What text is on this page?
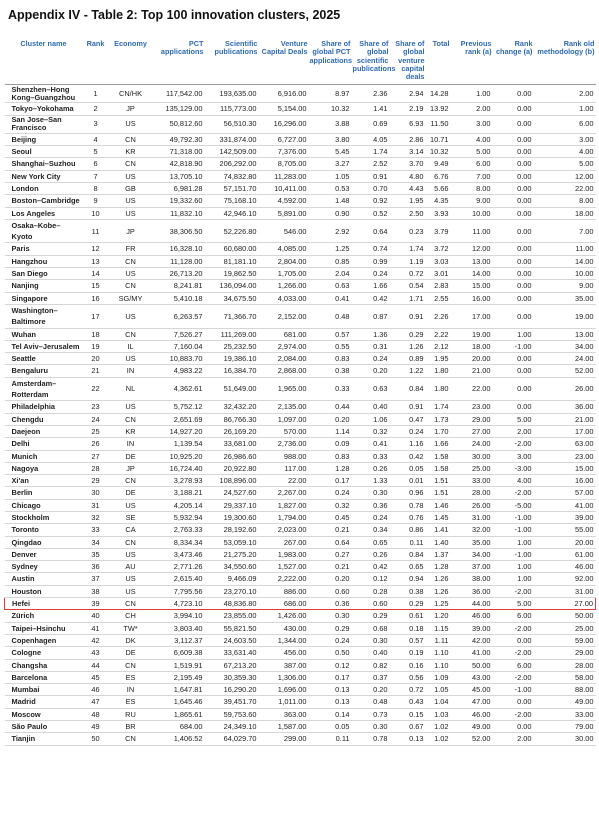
Appendix IV - Table 2: Top 100 innovation clusters, 2025
Cluster name	Rank	Economy	PCT applications	Scientific publications	Venture Capital Deals	Share of global PCT applications	Share of global scientific publications	Share of global venture capital deals	Total	Previous rank (a)	Rank change (a)	Rank old methodology (b)
Shenzhen–Hong Kong–Guangzhou	1	CN/HK	117,542.00	193,635.00	6,916.00	8.97	2.36	2.94	14.28	1.00	0.00	2.00
Tokyo–Yokohama	2	JP	135,129.00	115,773.00	5,154.00	10.32	1.41	2.19	13.92	2.00	0.00	1.00
San Jose–San Francisco	3	US	50,812.60	56,510.30	16,296.00	3.88	0.69	6.93	11.50	3.00	0.00	6.00
Beijing	4	CN	49,792.30	331,874.00	6,727.00	3.80	4.05	2.86	10.71	4.00	0.00	3.00
Seoul	5	KR	71,318.00	142,509.00	7,376.00	5.45	1.74	3.14	10.32	5.00	0.00	4.00
Shanghai–Suzhou	6	CN	42,818.90	206,292.00	8,705.00	3.27	2.52	3.70	9.49	6.00	0.00	5.00
New York City	7	US	13,705.10	74,832.80	11,283.00	1.05	0.91	4.80	6.76	7.00	0.00	12.00
London	8	GB	6,981.28	57,151.70	10,411.00	0.53	0.70	4.43	5.66	8.00	0.00	22.00
Boston–Cambridge	9	US	19,332.60	75,168.10	4,592.00	1.48	0.92	1.95	4.35	9.00	0.00	8.00
Los Angeles	10	US	11,832.10	42,946.10	5,891.00	0.90	0.52	2.50	3.93	10.00	0.00	18.00
Osaka–Kobe–Kyoto	11	JP	38,306.50	52,226.80	546.00	2.92	0.64	0.23	3.79	11.00	0.00	7.00
Paris	12	FR	16,328.10	60,680.00	4,085.00	1.25	0.74	1.74	3.72	12.00	0.00	11.00
Hangzhou	13	CN	11,128.00	81,181.10	2,804.00	0.85	0.99	1.19	3.03	13.00	0.00	14.00
San Diego	14	US	26,713.20	19,862.50	1,705.00	2.04	0.24	0.72	3.01	14.00	0.00	10.00
Nanjing	15	CN	8,241.81	136,094.00	1,266.00	0.63	1.66	0.54	2.83	15.00	0.00	9.00
Singapore	16	SG/MY	5,410.18	34,675.50	4,033.00	0.41	0.42	1.71	2.55	16.00	0.00	35.00
Washington–Baltimore	17	US	6,263.57	71,366.70	2,152.00	0.48	0.87	0.91	2.26	17.00	0.00	19.00
Wuhan	18	CN	7,526.27	111,269.00	681.00	0.57	1.36	0.29	2.22	19.00	1.00	13.00
Tel Aviv–Jerusalem	19	IL	7,160.04	25,232.50	2,974.00	0.55	0.31	1.26	2.12	18.00	-1.00	34.00
Seattle	20	US	10,883.70	19,386.10	2,084.00	0.83	0.24	0.89	1.95	20.00	0.00	24.00
Bengaluru	21	IN	4,983.22	16,384.70	2,868.00	0.38	0.20	1.22	1.80	21.00	0.00	52.00
Amsterdam–Rotterdam	22	NL	4,362.61	51,649.00	1,965.00	0.33	0.63	0.84	1.80	22.00	0.00	26.00
Philadelphia	23	US	5,752.12	32,432.20	2,135.00	0.44	0.40	0.91	1.74	23.00	0.00	36.00
Chengdu	24	CN	2,651.69	86,766.30	1,097.00	0.20	1.06	0.47	1.73	29.00	5.00	21.00
Daejeon	25	KR	14,927.20	26,169.20	570.00	1.14	0.32	0.24	1.70	27.00	2.00	17.00
Delhi	26	IN	1,139.54	33,681.00	2,736.00	0.09	0.41	1.16	1.66	24.00	-2.00	63.00
Munich	27	DE	10,925.20	26,986.60	988.00	0.83	0.33	0.42	1.58	30.00	3.00	23.00
Nagoya	28	JP	16,724.40	20,922.80	117.00	1.28	0.26	0.05	1.58	25.00	-3.00	15.00
Xi'an	29	CN	3,278.93	108,896.00	22.00	0.17	1.33	0.01	1.51	33.00	4.00	16.00
Berlin	30	DE	3,188.21	24,527.60	2,267.00	0.24	0.30	0.96	1.51	28.00	-2.00	57.00
Chicago	31	US	4,205.14	29,337.10	1,827.00	0.32	0.36	0.78	1.46	26.00	-5.00	41.00
Stockholm	32	SE	5,932.94	19,300.60	1,794.00	0.45	0.24	0.76	1.45	31.00	-1.00	39.00
Toronto	33	CA	2,763.33	28,192.60	2,023.00	0.21	0.34	0.86	1.41	32.00	-1.00	55.00
Qingdao	34	CN	8,334.34	53,059.10	267.00	0.64	0.65	0.11	1.40	35.00	1.00	20.00
Denver	35	US	3,473.46	21,275.20	1,983.00	0.27	0.26	0.84	1.37	34.00	-1.00	61.00
Sydney	36	AU	2,771.26	34,550.60	1,527.00	0.21	0.42	0.65	1.28	37.00	1.00	46.00
Austin	37	US	2,615.40	9,466.09	2,222.00	0.20	0.12	0.94	1.26	38.00	1.00	92.00
Houston	38	US	7,795.56	23,270.10	886.00	0.60	0.28	0.38	1.26	36.00	-2.00	31.00
Hefei	39	CN	4,723.10	48,836.80	686.00	0.36	0.60	0.29	1.25	44.00	5.00	27.00
Zürich	40	CH	3,994.10	23,855.00	1,426.00	0.30	0.29	0.61	1.20	46.00	6.00	50.00
Taipei–Hsinchu	41	TW*	3,803.40	55,821.50	430.00	0.29	0.68	0.18	1.15	39.00	-2.00	25.00
Copenhagen	42	DK	3,112.37	24,603.50	1,344.00	0.24	0.30	0.57	1.11	42.00	0.00	59.00
Cologne	43	DE	6,609.38	33,631.40	456.00	0.50	0.40	0.19	1.10	41.00	-2.00	29.00
Changsha	44	CN	1,519.91	67,213.20	387.00	0.12	0.82	0.16	1.10	50.00	6.00	28.00
Barcelona	45	ES	2,195.49	30,359.30	1,306.00	0.17	0.37	0.56	1.09	43.00	-2.00	58.00
Mumbai	46	IN	1,647.81	16,290.20	1,696.00	0.13	0.20	0.72	1.05	45.00	-1.00	88.00
Madrid	47	ES	1,645.46	39,451.70	1,011.00	0.13	0.48	0.43	1.04	47.00	0.00	49.00
Moscow	48	RU	1,865.61	59,753.60	363.00	0.14	0.73	0.15	1.03	46.00	-2.00	33.00
São Paulo	49	BR	684.00	24,349.10	1,587.00	0.05	0.30	0.67	1.02	49.00	0.00	79.00
Tianjin	50	CN	1,406.52	64,029.70	299.00	0.11	0.78	0.13	1.02	52.00	2.00	30.00
